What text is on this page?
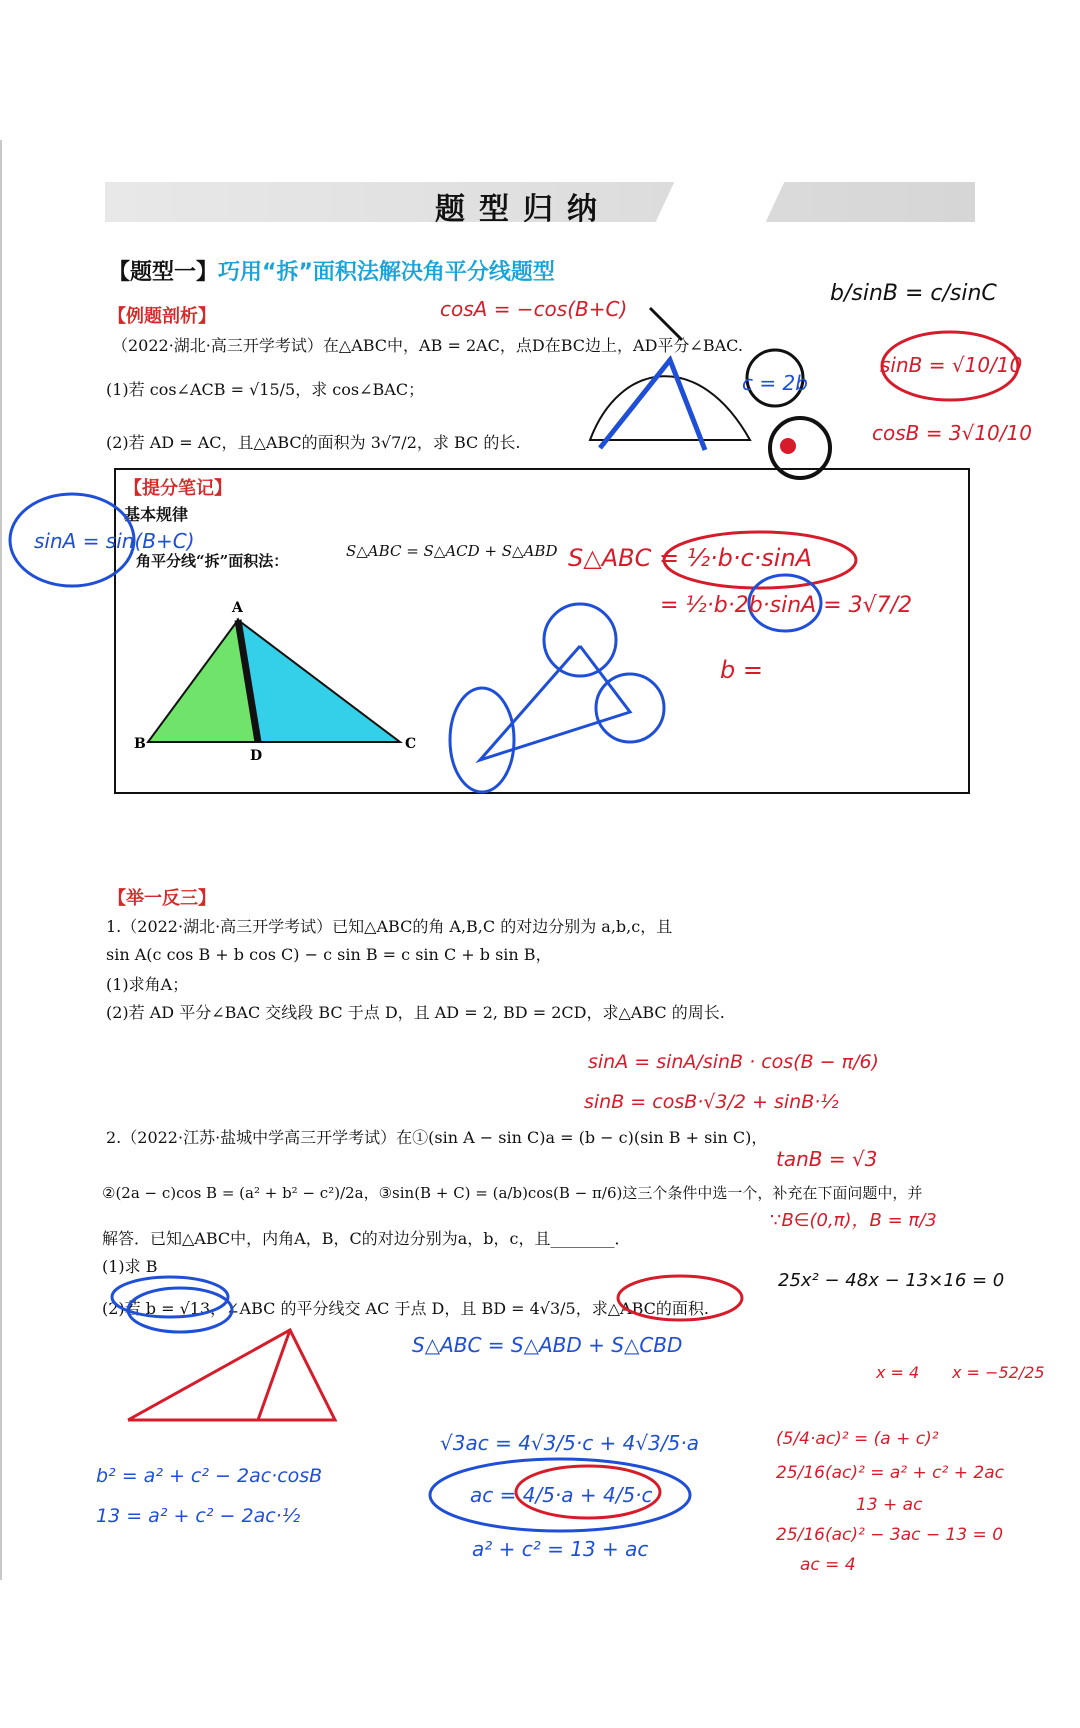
题型归纳
【题型一】巧用“拆”面积法解决角平分线题型
【例题剖析】
（2022·湖北·高三开学考试）在△ABC中，AB = 2AC，点D在BC边上，AD平分∠BAC.
(1)若 cos∠ACB = √15/5，求 cos∠BAC；
(2)若 AD = AC，且△ABC的面积为 3√7/2，求 BC 的长.
【提分笔记】
基本规律
角平分线“拆”面积法：
S△ABC = S△ACD + S△ABD
【举一反三】
1.（2022·湖北·高三开学考试）已知△ABC的角 A,B,C 的对边分别为 a,b,c，且
sin A(c cos B + b cos C) − c sin B = c sin C + b sin B，
(1)求角A；
(2)若 AD 平分∠BAC 交线段 BC 于点 D，且 AD = 2, BD = 2CD，求△ABC 的周长.
2.（2022·江苏·盐城中学高三开学考试）在①(sin A − sin C)a = (b − c)(sin B + sin C)，
②(2a − c)cos B = (a² + b² − c²)/2a，③sin(B + C) = (a/b)cos(B − π/6)这三个条件中选一个，补充在下面问题中，并
解答．已知△ABC中，内角A，B，C的对边分别为a，b，c，且________．
(1)求 B
(2)若 b = √13，∠ABC 的平分线交 AC 于点 D，且 BD = 4√3/5，求△ABC的面积.
A
B
D
C
b/sinB = c/sinC
cosA = −cos(B+C)
c = 2b
sinB = √10/10
cosB = 3√10/10
sinA = sin(B+C)
S△ABC = ½·b·c·sinA
= ½·b·2b·sinA = 3√7/2
b =
sinA = sinA/sinB · cos(B − π/6)
sinB = cosB·√3/2 + sinB·½
tanB = √3
∵B∈(0,π)，B = π/3
25x² − 48x − 13×16 = 0
x = 4 x = −52/25
S△ABC = S△ABD + S△CBD
√3ac = 4√3/5·c + 4√3/5·a
ac = 4/5·a + 4/5·c
a² + c² = 13 + ac
b² = a² + c² − 2ac·cosB
13 = a² + c² − 2ac·½
(5/4·ac)² = (a + c)²
25/16(ac)² = a² + c² + 2ac
13 + ac
25/16(ac)² − 3ac − 13 = 0
ac = 4
